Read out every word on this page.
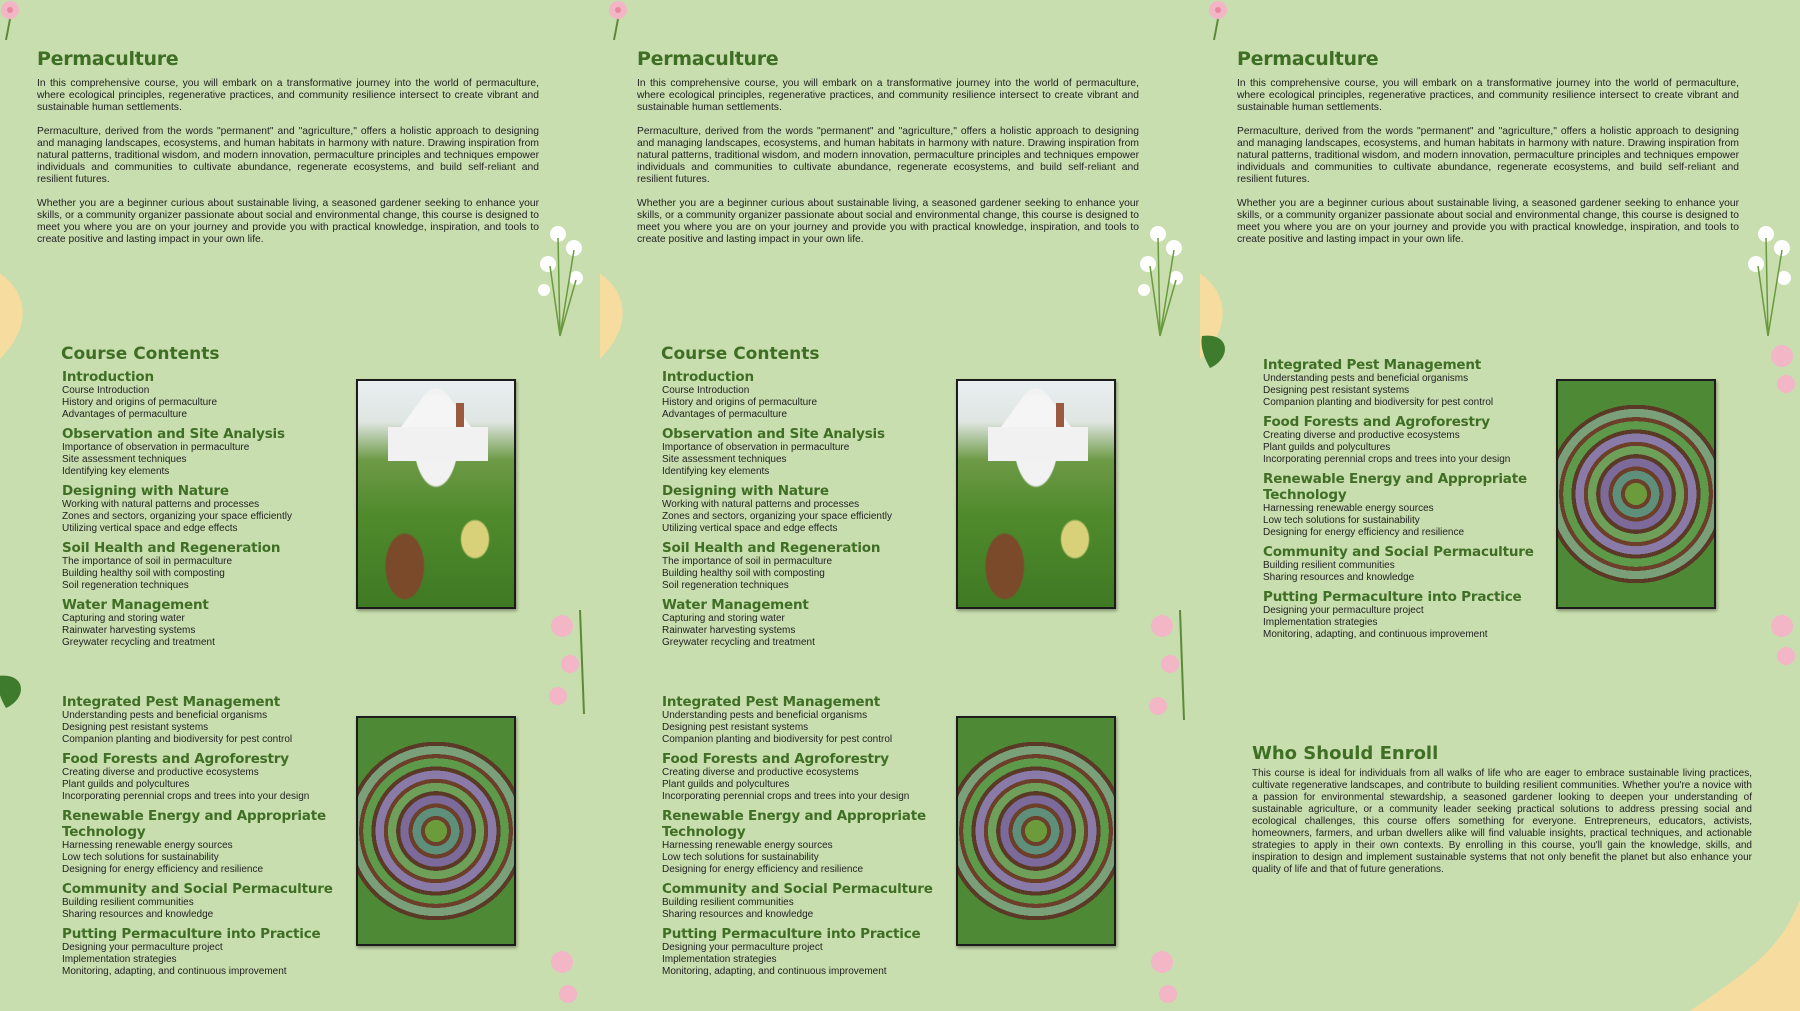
Permaculture

In this comprehensive course, you will embark on a transformative journey into the world of permaculture, where ecological principles, regenerative practices, and community resilience intersect to create vibrant and sustainable human settlements.

Permaculture, derived from the words "permanent" and "agriculture," offers a holistic approach to designing and managing landscapes, ecosystems, and human habitats in harmony with nature. Drawing inspiration from natural patterns, traditional wisdom, and modern innovation, permaculture principles and techniques empower individuals and communities to cultivate abundance, regenerate ecosystems, and build self-reliant and resilient futures.

Whether you are a beginner curious about sustainable living, a seasoned gardener seeking to enhance your skills, or a community organizer passionate about social and environmental change, this course is designed to meet you where you are on your journey and provide you with practical knowledge, inspiration, and tools to create positive and lasting impact in your own life.

Course Contents
Introduction
Course Introduction
History and origins of permaculture
Advantages of permaculture
Observation and Site Analysis
Importance of observation in permaculture
Site assessment techniques
Identifying key elements
Designing with Nature
Working with natural patterns and processes
Zones and sectors, organizing your space efficiently
Utilizing vertical space and edge effects
Soil Health and Regeneration
The importance of soil in permaculture
Building healthy soil with composting
Soil regeneration techniques
Water Management
Capturing and storing water
Rainwater harvesting systems
Greywater recycling and treatment
Integrated Pest Management
Understanding pests and beneficial organisms
Designing pest resistant systems
Companion planting and biodiversity for pest control
Food Forests and Agroforestry
Creating diverse and productive ecosystems
Plant guilds and polycultures
Incorporating perennial crops and trees into your design
Renewable Energy and Appropriate Technology
Harnessing renewable energy sources
Low tech solutions for sustainability
Designing for energy efficiency and resilience
Community and Social Permaculture
Building resilient communities
Sharing resources and knowledge
Putting Permaculture into Practice
Designing your permaculture project
Implementation strategies
Monitoring, adapting, and continuous improvement
Permaculture

In this comprehensive course, you will embark on a transformative journey into the world of permaculture, where ecological principles, regenerative practices, and community resilience intersect to create vibrant and sustainable human settlements.

Permaculture, derived from the words "permanent" and "agriculture," offers a holistic approach to designing and managing landscapes, ecosystems, and human habitats in harmony with nature. Drawing inspiration from natural patterns, traditional wisdom, and modern innovation, permaculture principles and techniques empower individuals and communities to cultivate abundance, regenerate ecosystems, and build self-reliant and resilient futures.

Whether you are a beginner curious about sustainable living, a seasoned gardener seeking to enhance your skills, or a community organizer passionate about social and environmental change, this course is designed to meet you where you are on your journey and provide you with practical knowledge, inspiration, and tools to create positive and lasting impact in your own life.

Course Contents
Introduction
Course Introduction
History and origins of permaculture
Advantages of permaculture
Observation and Site Analysis
Importance of observation in permaculture
Site assessment techniques
Identifying key elements
Designing with Nature
Working with natural patterns and processes
Zones and sectors, organizing your space efficiently
Utilizing vertical space and edge effects
Soil Health and Regeneration
The importance of soil in permaculture
Building healthy soil with composting
Soil regeneration techniques
Water Management
Capturing and storing water
Rainwater harvesting systems
Greywater recycling and treatment
Integrated Pest Management
Understanding pests and beneficial organisms
Designing pest resistant systems
Companion planting and biodiversity for pest control
Food Forests and Agroforestry
Creating diverse and productive ecosystems
Plant guilds and polycultures
Incorporating perennial crops and trees into your design
Renewable Energy and Appropriate Technology
Harnessing renewable energy sources
Low tech solutions for sustainability
Designing for energy efficiency and resilience
Community and Social Permaculture
Building resilient communities
Sharing resources and knowledge
Putting Permaculture into Practice
Designing your permaculture project
Implementation strategies
Monitoring, adapting, and continuous improvement
Permaculture

In this comprehensive course, you will embark on a transformative journey into the world of permaculture, where ecological principles, regenerative practices, and community resilience intersect to create vibrant and sustainable human settlements.

Permaculture, derived from the words "permanent" and "agriculture," offers a holistic approach to designing and managing landscapes, ecosystems, and human habitats in harmony with nature. Drawing inspiration from natural patterns, traditional wisdom, and modern innovation, permaculture principles and techniques empower individuals and communities to cultivate abundance, regenerate ecosystems, and build self-reliant and resilient futures.

Whether you are a beginner curious about sustainable living, a seasoned gardener seeking to enhance your skills, or a community organizer passionate about social and environmental change, this course is designed to meet you where you are on your journey and provide you with practical knowledge, inspiration, and tools to create positive and lasting impact in your own life.

Integrated Pest Management
Understanding pests and beneficial organisms
Designing pest resistant systems
Companion planting and biodiversity for pest control
Food Forests and Agroforestry
Creating diverse and productive ecosystems
Plant guilds and polycultures
Incorporating perennial crops and trees into your design
Renewable Energy and Appropriate Technology
Harnessing renewable energy sources
Low tech solutions for sustainability
Designing for energy efficiency and resilience
Community and Social Permaculture
Building resilient communities
Sharing resources and knowledge
Putting Permaculture into Practice
Designing your permaculture project
Implementation strategies
Monitoring, adapting, and continuous improvement
Who Should Enroll

This course is ideal for individuals from all walks of life who are eager to embrace sustainable living practices, cultivate regenerative landscapes, and contribute to building resilient communities. Whether you're a novice with a passion for environmental stewardship, a seasoned gardener looking to deepen your understanding of sustainable agriculture, or a community leader seeking practical solutions to address pressing social and ecological challenges, this course offers something for everyone. Entrepreneurs, educators, activists, homeowners, farmers, and urban dwellers alike will find valuable insights, practical techniques, and actionable strategies to apply in their own contexts. By enrolling in this course, you'll gain the knowledge, skills, and inspiration to design and implement sustainable systems that not only benefit the planet but also enhance your quality of life and that of future generations.
